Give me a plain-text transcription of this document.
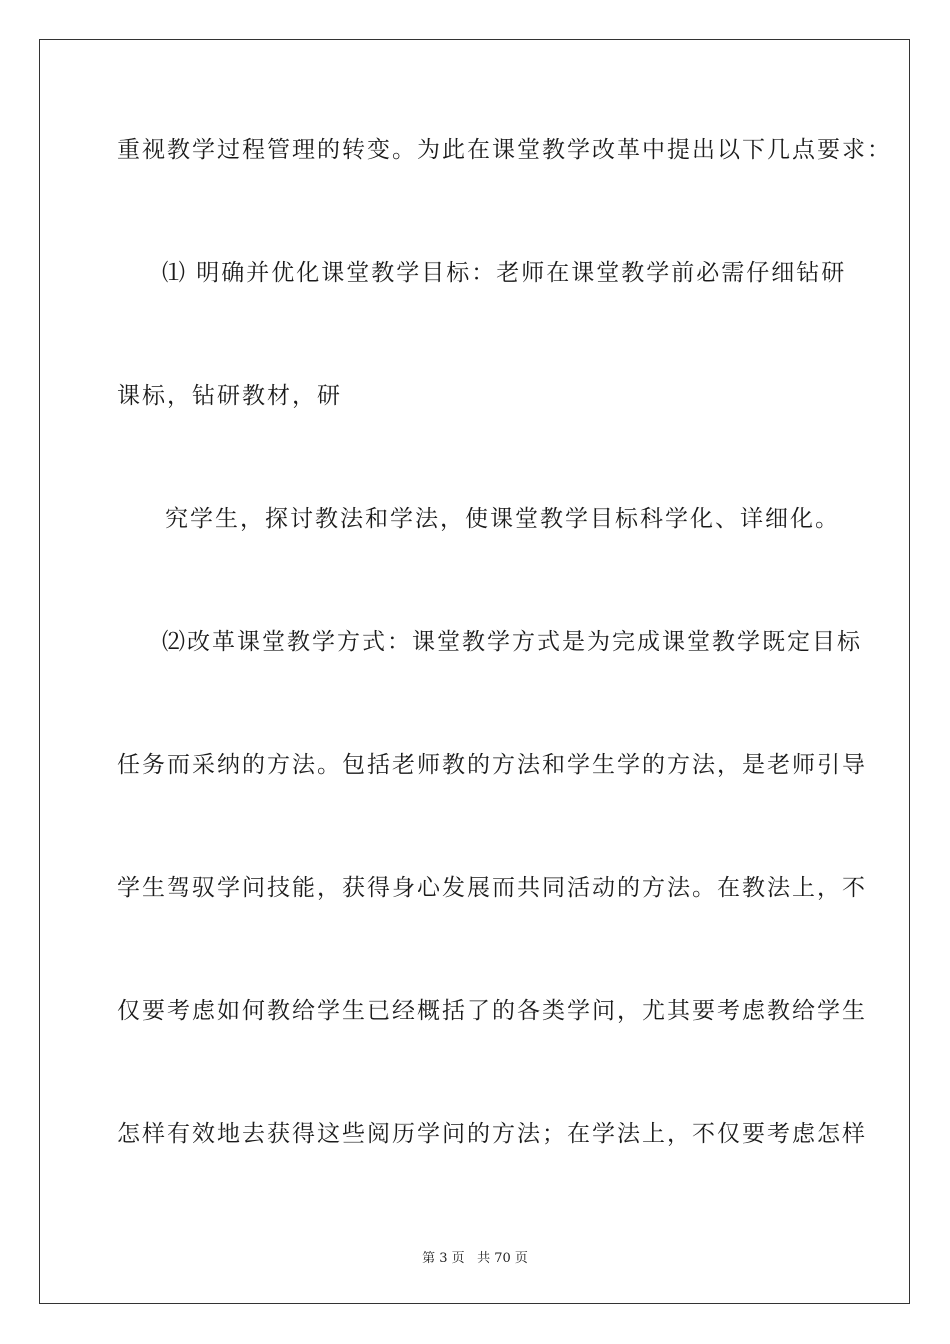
重视教学过程管理的转变。为此在课堂教学改革中提出以下几点要求：
⑴ 明确并优化课堂教学目标：老师在课堂教学前必需仔细钻研
课标，钻研教材，研
究学生，探讨教法和学法，使课堂教学目标科学化、详细化。
⑵改革课堂教学方式：课堂教学方式是为完成课堂教学既定目标
任务而采纳的方法。包括老师教的方法和学生学的方法，是老师引导
学生驾驭学问技能，获得身心发展而共同活动的方法。在教法上，不
仅要考虑如何教给学生已经概括了的各类学问，尤其要考虑教给学生
怎样有效地去获得这些阅历学问的方法；在学法上，不仅要考虑怎样
第 3 页 共 70 页
